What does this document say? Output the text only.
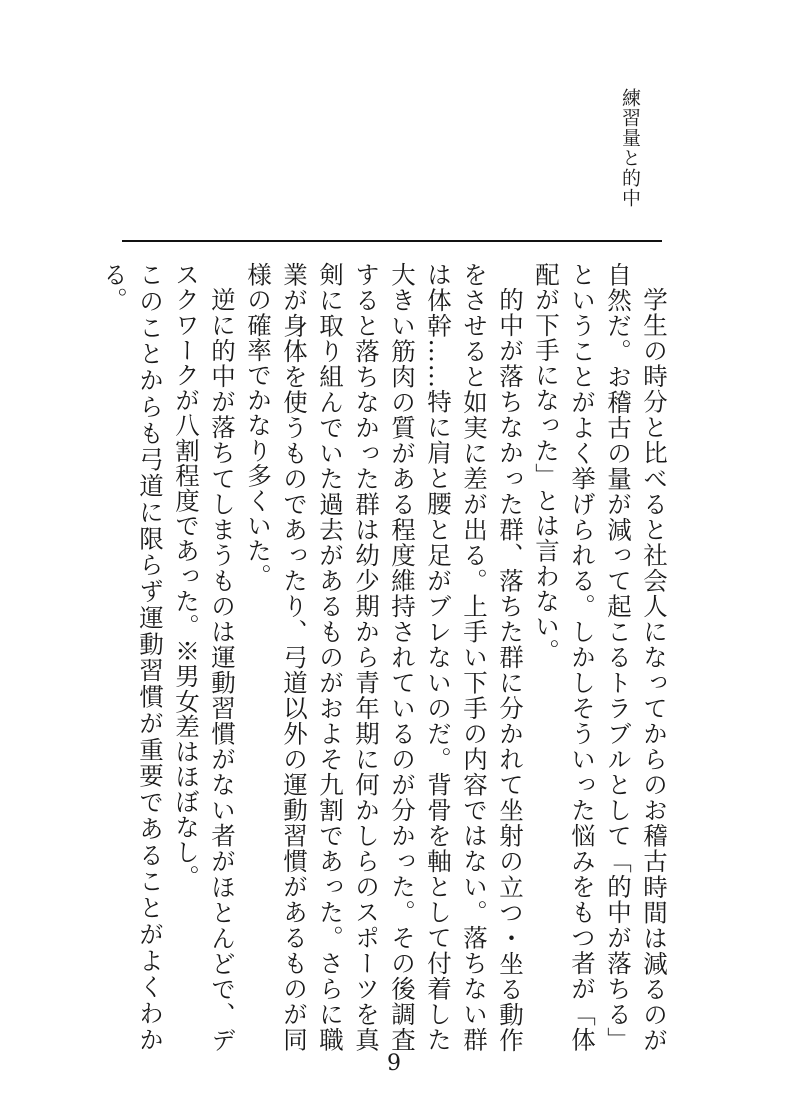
練習量と的中

学生の時分と比べると社会人になってからのお稽古時間は減るのが自然だ。お稽古の量が減って起こるトラブルとして「的中が落ちる」ということがよく挙げられる。しかしそういった悩みをもつ者が「体配が下手になった」とは言わない。

的中が落ちなかった群、落ちた群に分かれて坐射の立つ・坐る動作をさせると如実に差が出る。上手い下手の内容ではない。落ちない群は体幹……特に肩と腰と足がブレないのだ。背骨を軸として付着した大きい筋肉の質がある程度維持されているのが分かった。その後調査すると落ちなかった群は幼少期から青年期に何かしらのスポーツを真剣に取り組んでいた過去があるものがおよそ九割であった。さらに職業が身体を使うものであったり、弓道以外の運動習慣があるものが同様の確率でかなり多くいた。

逆に的中が落ちてしまうものは運動習慣がない者がほとんどで、デスクワークが八割程度であった。※男女差はほぼなし。

このことからも弓道に限らず運動習慣が重要であることがよくわかる。

9
